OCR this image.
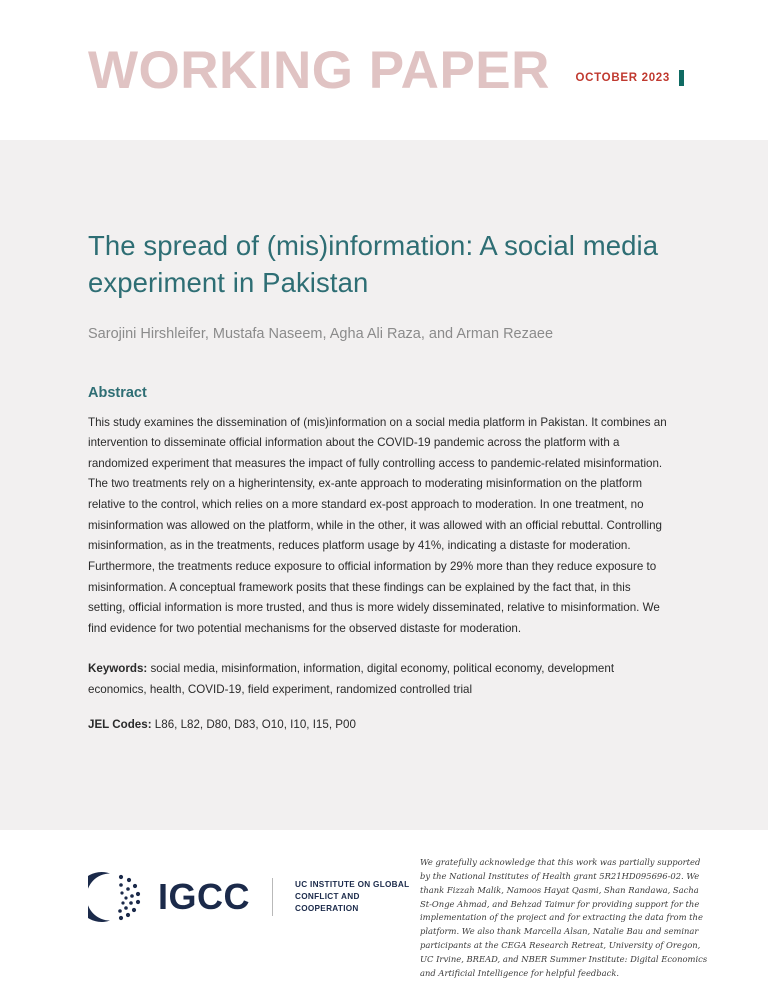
WORKING PAPER OCTOBER 2023
The spread of (mis)information: A social media experiment in Pakistan
Sarojini Hirshleifer, Mustafa Naseem, Agha Ali Raza, and Arman Rezaee
Abstract

This study examines the dissemination of (mis)information on a social media platform in Pakistan. It combines an intervention to disseminate official information about the COVID-19 pandemic across the platform with a randomized experiment that measures the impact of fully controlling access to pandemic-related misinformation. The two treatments rely on a higherintensity, ex-ante approach to moderating misinformation on the platform relative to the control, which relies on a more standard ex-post approach to moderation. In one treatment, no misinformation was allowed on the platform, while in the other, it was allowed with an official rebuttal. Controlling misinformation, as in the treatments, reduces platform usage by 41%, indicating a distaste for moderation. Furthermore, the treatments reduce exposure to official information by 29% more than they reduce exposure to misinformation. A conceptual framework posits that these findings can be explained by the fact that, in this setting, official information is more trusted, and thus is more widely disseminated, relative to misinformation. We find evidence for two potential mechanisms for the observed distaste for moderation.

Keywords: social media, misinformation, information, digital economy, political economy, development economics, health, COVID-19, field experiment, randomized controlled trial

JEL Codes: L86, L82, D80, D83, O10, I10, I15, P00

IGCC	UC INSTITUTE ON GLOBAL CONFLICT AND COOPERATION
We gratefully acknowledge that this work was partially supported by the National Institutes of Health grant 5R21HD095696-02. We thank Fizzah Malik, Namoos Hayat Qasmi, Shan Randawa, Sacha St-Onge Ahmad, and Behzad Taimur for providing support for the implementation of the project and for extracting the data from the platform. We also thank Marcella Alsan, Natalie Bau and seminar participants at the CEGA Research Retreat, University of Oregon, UC Irvine, BREAD, and NBER Summer Institute: Digital Economics and Artificial Intelligence for helpful feedback.
